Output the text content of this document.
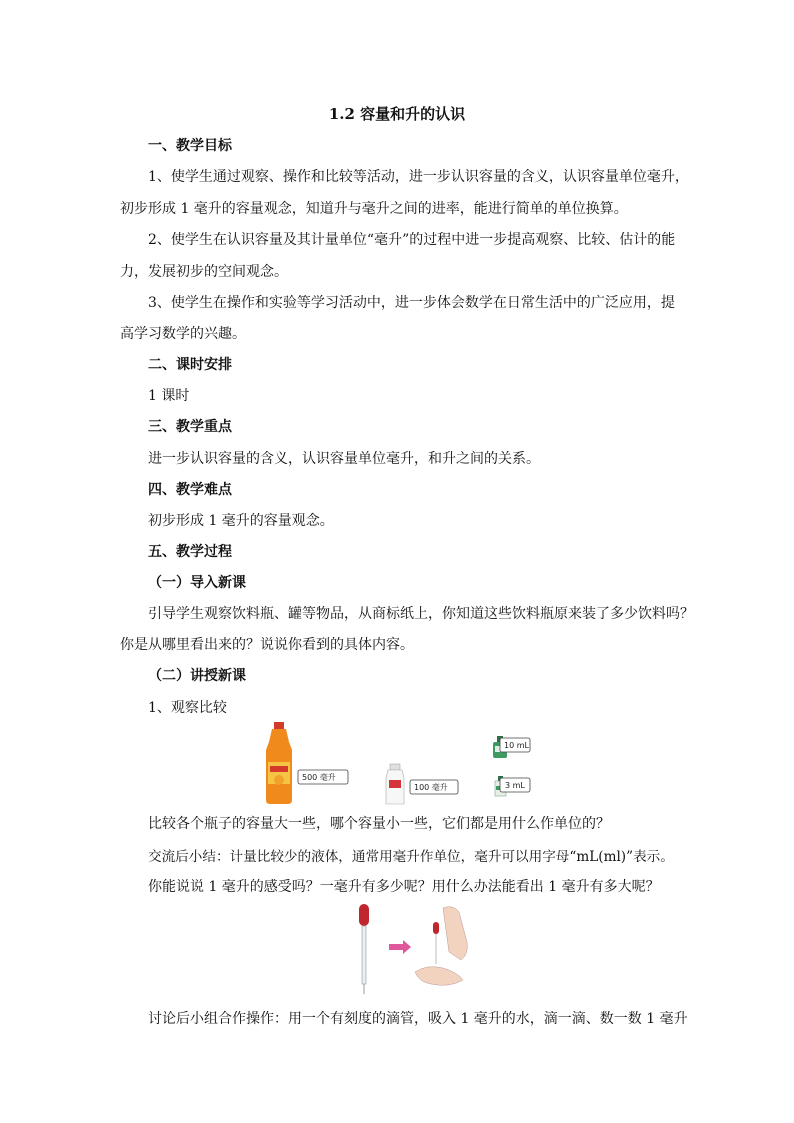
1.2 容量和升的认识
一、教学目标
1、使学生通过观察、操作和比较等活动，进一步认识容量的含义，认识容量单位毫升，
初步形成 1 毫升的容量观念，知道升与毫升之间的进率，能进行简单的单位换算。
2、使学生在认识容量及其计量单位“毫升”的过程中进一步提高观察、比较、估计的能
力，发展初步的空间观念。
3、使学生在操作和实验等学习活动中，进一步体会数学在日常生活中的广泛应用，提
高学习数学的兴趣。
二、课时安排
1 课时
三、教学重点
进一步认识容量的含义，认识容量单位毫升，和升之间的关系。
四、教学难点
初步形成 1 毫升的容量观念。
五、教学过程
（一）导入新课
引导学生观察饮料瓶、罐等物品，从商标纸上，你知道这些饮料瓶原来装了多少饮料吗？
你是从哪里看出来的？说说你看到的具体内容。
（二）讲授新课
1、观察比较
500 毫升
100 毫升
10 mL
3 mL
比较各个瓶子的容量大一些，哪个容量小一些，它们都是用什么作单位的？
交流后小结：计量比较少的液体，通常用毫升作单位，毫升可以用字母“mL(ml)”表示。
你能说说 1 毫升的感受吗？一毫升有多少呢？用什么办法能看出 1 毫升有多大呢？
讨论后小组合作操作：用一个有刻度的滴管，吸入 1 毫升的水，滴一滴、数一数 1 毫升
